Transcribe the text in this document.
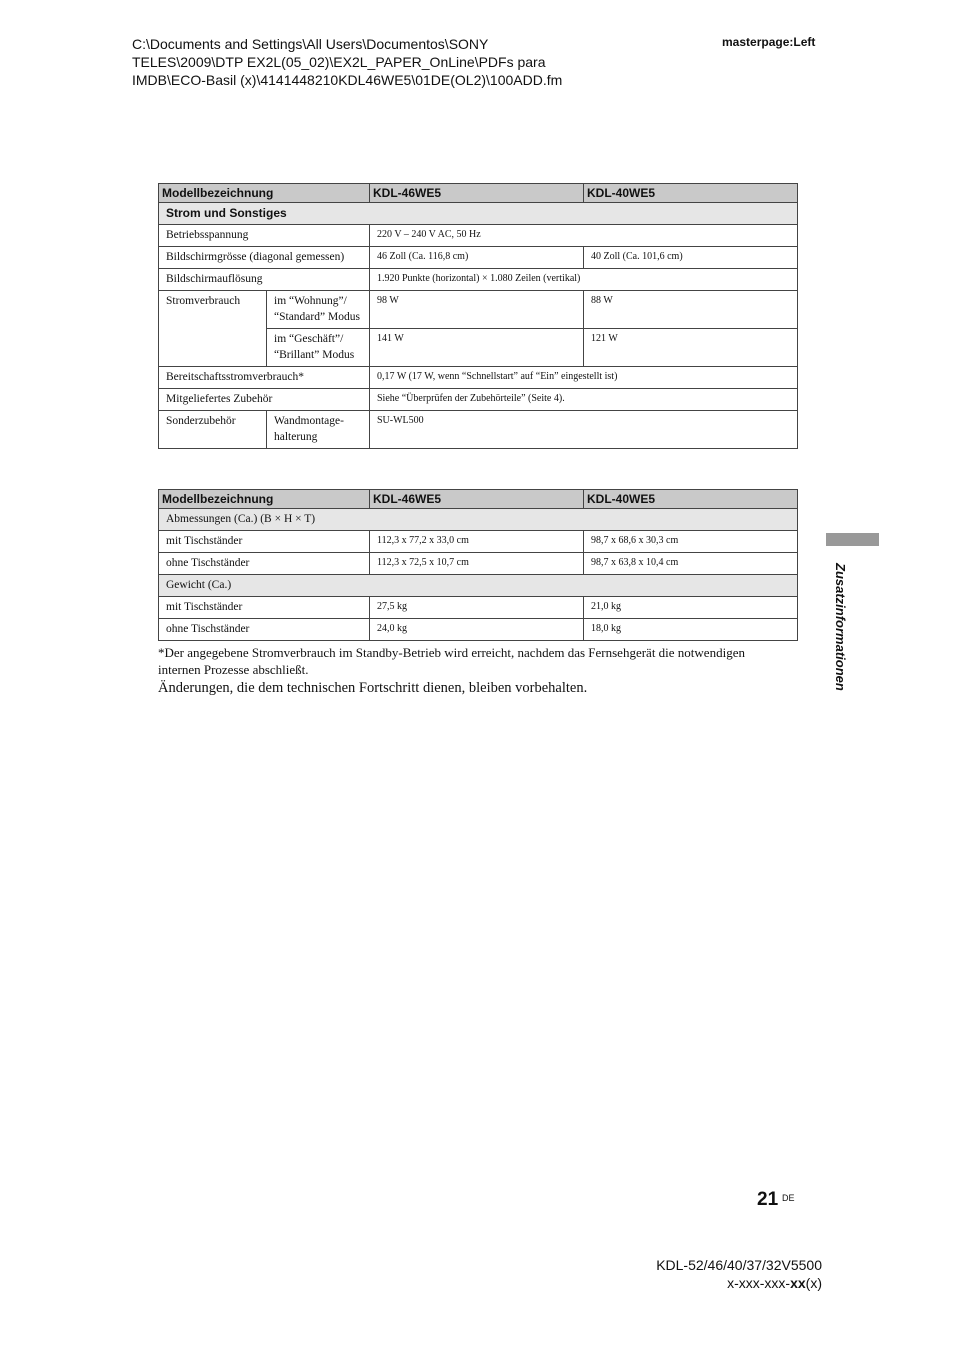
C:\Documents and Settings\All Users\Documentos\SONY
TELES\2009\DTP EX2L(05_02)\EX2L_PAPER_OnLine\PDFs para
IMDB\ECO-Basil (x)\4141448210KDL46WE5\01DE(OL2)\100ADD.fm
masterpage:Left
Modellbezeichnung		KDL-46WE5	KDL-40WE5
Strom und Sonstiges			
Betriebsspannung		220 V – 240 V AC, 50 Hz	
Bildschirmgrösse (diagonal gemessen)		46 Zoll (Ca. 116,8 cm)	40 Zoll (Ca. 101,6 cm)
Bildschirmauflösung		1.920 Punkte (horizontal) × 1.080 Zeilen (vertikal)	
Stromverbrauch	im “Wohnung”/ “Standard” Modus	98 W	88 W
	im “Geschäft”/ “Brillant” Modus	141 W	121 W
Bereitschaftsstromverbrauch*		0,17 W (17 W, wenn “Schnellstart” auf “Ein” eingestellt ist)	
Mitgeliefertes Zubehör		Siehe “Überprüfen der Zubehörteile” (Seite 4).	
Sonderzubehör	Wandmontage-halterung	SU-WL500	
Modellbezeichnung	KDL-46WE5	KDL-40WE5
Abmessungen (Ca.) (B × H × T)		
mit Tischständer	112,3 x 77,2 x 33,0 cm	98,7 x 68,6 x 30,3 cm
ohne Tischständer	112,3 x 72,5 x 10,7 cm	98,7 x 63,8 x 10,4 cm
Gewicht (Ca.)		
mit Tischständer	27,5 kg	21,0 kg
ohne Tischständer	24,0 kg	18,0 kg
*Der angegebene Stromverbrauch im Standby-Betrieb wird erreicht, nachdem das Fernsehgerät die notwendigen internen Prozesse abschließt.
Änderungen, die dem technischen Fortschritt dienen, bleiben vorbehalten.	Zusatzinformationen
21 DE
KDL-52/46/40/37/32V5500
x-xxx-xxx-xx(x)
